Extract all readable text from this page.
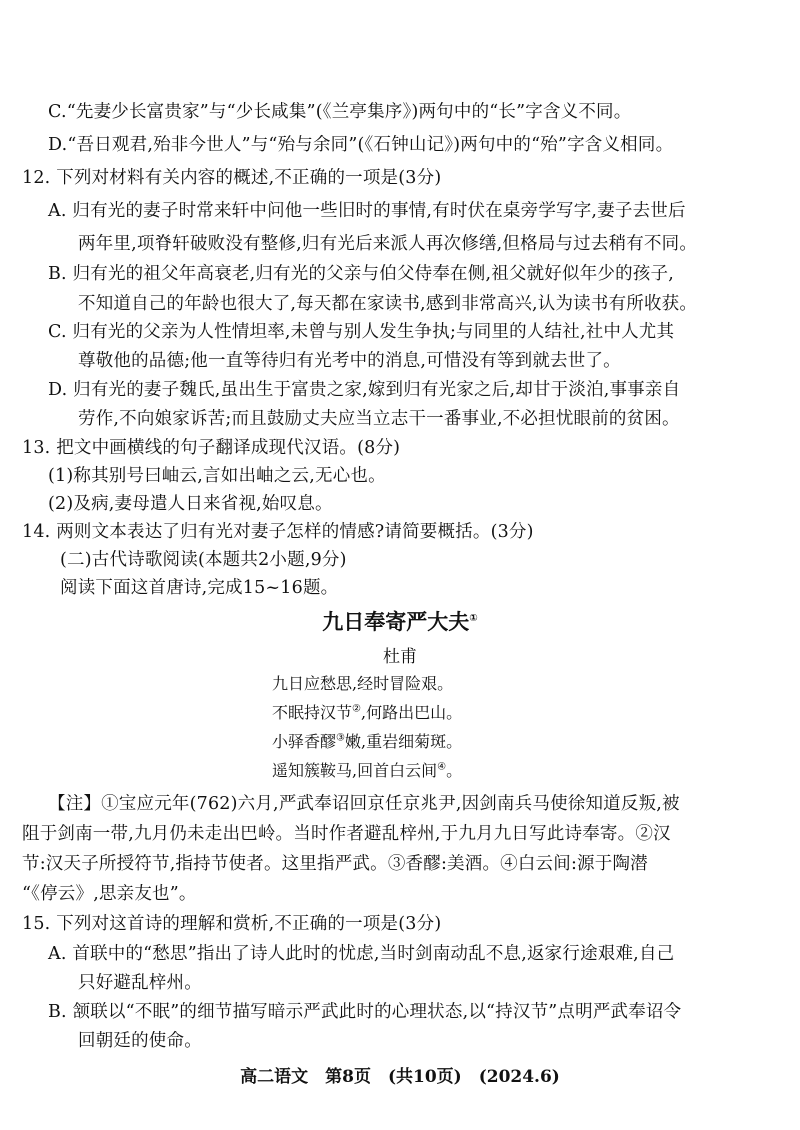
C.“先妻少长富贵家”与“少长咸集”(《兰亭集序》)两句中的“长”字含义不同。
D.“吾日观君,殆非今世人”与“殆与余同”(《石钟山记》)两句中的“殆”字含义相同。
12. 下列对材料有关内容的概述,不正确的一项是(3分)
A. 归有光的妻子时常来轩中问他一些旧时的事情,有时伏在桌旁学写字,妻子去世后
两年里,项脊轩破败没有整修,归有光后来派人再次修缮,但格局与过去稍有不同。
B. 归有光的祖父年高衰老,归有光的父亲与伯父侍奉在侧,祖父就好似年少的孩子,
不知道自己的年龄也很大了,每天都在家读书,感到非常高兴,认为读书有所收获。
C. 归有光的父亲为人性情坦率,未曾与别人发生争执;与同里的人结社,社中人尤其
尊敬他的品德;他一直等待归有光考中的消息,可惜没有等到就去世了。
D. 归有光的妻子魏氏,虽出生于富贵之家,嫁到归有光家之后,却甘于淡泊,事事亲自
劳作,不向娘家诉苦;而且鼓励丈夫应当立志干一番事业,不必担忧眼前的贫困。
13. 把文中画横线的句子翻译成现代汉语。(8分)
(1)称其别号曰岫云,言如出岫之云,无心也。
(2)及病,妻母遣人日来省视,始叹息。
14. 两则文本表达了归有光对妻子怎样的情感?请简要概括。(3分)
(二)古代诗歌阅读(本题共2小题,9分)
阅读下面这首唐诗,完成15~16题。
九日奉寄严大夫①
杜甫
九日应愁思,经时冒险艰。
不眠持汉节②,何路出巴山。
小驿香醪③嫩,重岩细菊斑。
遥知簇鞍马,回首白云间④。
【注】①宝应元年(762)六月,严武奉诏回京任京兆尹,因剑南兵马使徐知道反叛,被
阻于剑南一带,九月仍未走出巴岭。当时作者避乱梓州,于九月九日写此诗奉寄。②汉
节:汉天子所授符节,指持节使者。这里指严武。③香醪:美酒。④白云间:源于陶潜
“《停云》,思亲友也”。
15. 下列对这首诗的理解和赏析,不正确的一项是(3分)
A. 首联中的“愁思”指出了诗人此时的忧虑,当时剑南动乱不息,返家行途艰难,自己
只好避乱梓州。
高二语文　第8页　(共10页)　(2024.6)
B. 颔联以“不眠”的细节描写暗示严武此时的心理状态,以“持汉节”点明严武奉诏令
回朝廷的使命。
